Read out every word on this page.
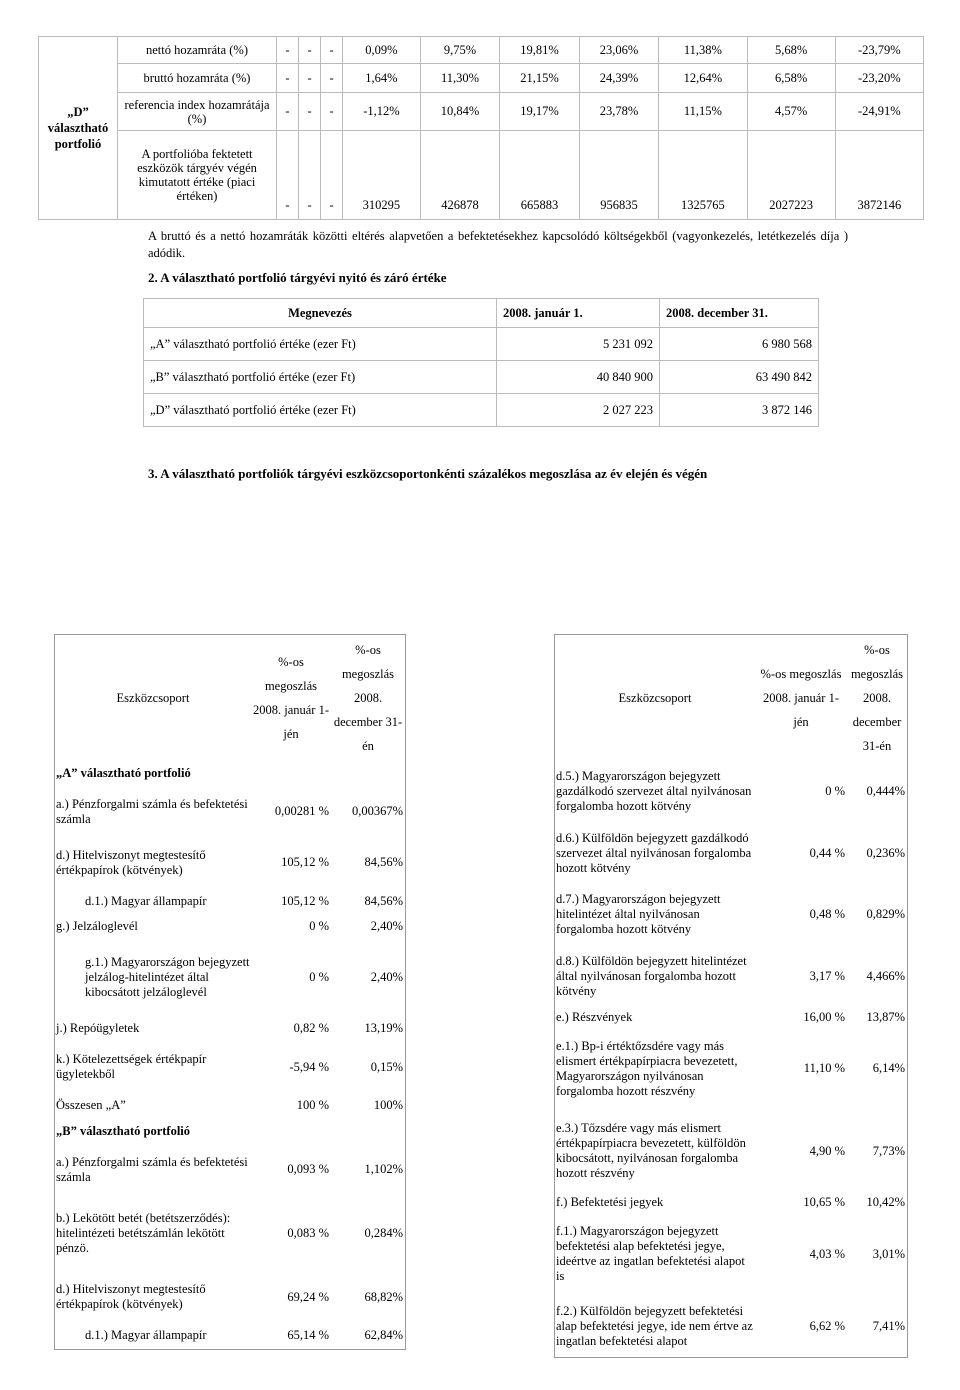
„D” választható portfolió	nettó hozamráta (%)	-	-	-	0,09%	9,75%	19,81%	23,06%	11,38%	5,68%	-23,79%
	bruttó hozamráta (%)	-	-	-	1,64%	11,30%	21,15%	24,39%	12,64%	6,58%	-23,20%
	referencia index hozamrátája (%)	-	-	-	-1,12%	10,84%	19,17%	23,78%	11,15%	4,57%	-24,91%
	A portfolióba fektetett eszközök tárgyév végén kimutatott értéke (piaci értéken)	-	-	-	310295	426878	665883	956835	1325765	2027223	3872146
A bruttó és a nettó hozamráták közötti eltérés alapvetően a befektetésekhez kapcsolódó költségekből (vagyonkezelés, letétkezelés díja ) adódik.
2. A választható portfolió tárgyévi nyitó és záró értéke
Megnevezés	2008. január 1.	2008. december 31.
„A” választható portfolió értéke (ezer Ft)	5 231 092	6 980 568
„B” választható portfolió értéke (ezer Ft)	40 840 900	63 490 842
„D” választható portfolió értéke (ezer Ft)	2 027 223	3 872 146
3. A választható portfoliók tárgyévi eszközcsoportonkénti százalékos megoszlása az év elején és végén
Eszközcsoport	%-os megoszlás 2008. január 1-jén	%-os megoszlás 2008. december 31-én
„A” választható portfolió		
a.) Pénzforgalmi számla és befektetési számla	0,00281 %	0,00367%
d.) Hitelviszonyt megtestesítő értékpapírok (kötvények)	105,12 %	84,56%
d.1.) Magyar állampapír	105,12 %	84,56%
g.) Jelzáloglevél	0 %	2,40%
g.1.) Magyarországon bejegyzett jelzálog-hitelintézet által kibocsátott jelzáloglevél	0 %	2,40%
j.) Repóügyletek	0,82 %	13,19%
k.) Kötelezettségek értékpapír ügyletekből	-5,94 %	0,15%
Összesen „A”	100 %	100%
„B” választható portfolió		
a.) Pénzforgalmi számla és befektetési számla	0,093 %	1,102%
b.) Lekötött betét (betétszerződés): hitelintézeti betétszámlán lekötött pénzö.	0,083 %	0,284%
d.) Hitelviszonyt megtestesítő értékpapírok (kötvények)	69,24 %	68,82%
d.1.) Magyar állampapír	65,14 %	62,84%
Eszközcsoport	%-os megoszlás 2008. január 1-jén	%-os megoszlás 2008. december 31-én
d.5.) Magyarországon bejegyzett gazdálkodó szervezet által nyilvánosan forgalomba hozott kötvény	0 %	0,444%
d.6.) Külföldön bejegyzett gazdálkodó szervezet által nyilvánosan forgalomba hozott kötvény	0,44 %	0,236%
d.7.) Magyarországon bejegyzett hitelintézet által nyilvánosan forgalomba hozott kötvény	0,48 %	0,829%
d.8.) Külföldön bejegyzett hitelintézet által nyilvánosan forgalomba hozott kötvény	3,17 %	4,466%
e.) Részvények	16,00 %	13,87%
e.1.) Bp-i értéktőzsdére vagy más elismert értékpapírpiacra bevezetett, Magyarországon nyilvánosan forgalomba hozott részvény	11,10 %	6,14%
e.3.) Tőzsdére vagy más elismert értékpapírpiacra bevezetett, külföldön kibocsátott, nyilvánosan forgalomba hozott részvény	4,90 %	7,73%
f.) Befektetési jegyek	10,65 %	10,42%
f.1.) Magyarországon bejegyzett befektetési alap befektetési jegye, ideértve az ingatlan befektetési alapot is	4,03 %	3,01%
f.2.) Külföldön bejegyzett befektetési alap befektetési jegye, ide nem értve az ingatlan befektetési alapot	6,62 %	7,41%
